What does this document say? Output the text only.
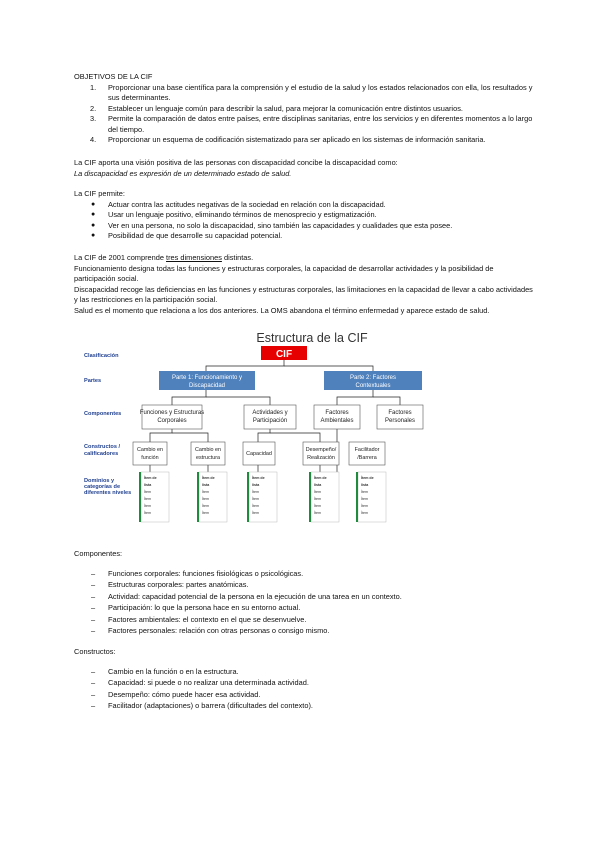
OBJETIVOS DE LA CIF

1. Proporcionar una base científica para la comprensión y el estudio de la salud y los estados relacionados con ella, los resultados y sus determinantes.
2. Establecer un lenguaje común para describir la salud, para mejorar la comunicación entre distintos usuarios.
3. Permite la comparación de datos entre países, entre disciplinas sanitarias, entre los servicios y en diferentes momentos a lo largo del tiempo.
4. Proporcionar un esquema de codificación sistematizado para ser aplicado en los sistemas de información sanitaria.

La CIF aporta una visión positiva de las personas con discapacidad concibe la discapacidad como:

La discapacidad es expresión de un determinado estado de salud.

La CIF permite:

● Actuar contra las actitudes negativas de la sociedad en relación con la discapacidad.
● Usar un lenguaje positivo, eliminando términos de menosprecio y estigmatización.
● Ver en una persona, no solo la discapacidad, sino también las capacidades y cualidades que esta posee.
● Posibilidad de que desarrolle su capacidad potencial.

La CIF de 2001 comprende tres dimensiones distintas.

Funcionamiento designa todas las funciones y estructuras corporales, la capacidad de desarrollar actividades y la posibilidad de participación social.

Discapacidad recoge las deficiencias en las funciones y estructuras corporales, las limitaciones en la capacidad de llevar a cabo actividades y las restricciones en la participación social.

Salud es el momento que relaciona a los dos anteriores. La OMS abandona el término enfermedad y aparece estado de salud.

Estructura de la CIF
Clasificación
Partes
Componentes
Constructos /
calificadores
Dominios y
categorías de
diferentes niveles
CIF
Parte 1: Funcionamiento y
Discapacidad
Parte 2: Factores
Contextuales
Funciones y Estructuras
Corporales
Actividades y
Participación
Factores
Ambientales
Factores
Personales
Cambio en
función
Cambio en
estructura
Capacidad
Desempeño/
Realización
Facilitador
/Barrera
Ítem de
lista
Ítem
Ítem
Ítem
Ítem
Ítem de
lista
Ítem
Ítem
Ítem
Ítem
Ítem de
lista
Ítem
Ítem
Ítem
Ítem
Ítem de
lista
Ítem
Ítem
Ítem
Ítem
Ítem de
lista
Ítem
Ítem
Ítem
Ítem

Componentes:

– Funciones corporales: funciones fisiológicas o psicológicas.
– Estructuras corporales: partes anatómicas.
– Actividad: capacidad potencial de la persona en la ejecución de una tarea en un contexto.
– Participación: lo que la persona hace en su entorno actual.
– Factores ambientales: el contexto en el que se desenvuelve.
– Factores personales: relación con otras personas o consigo mismo.

Constructos:

– Cambio en la función o en la estructura.
– Capacidad: si puede o no realizar una determinada actividad.
– Desempeño: cómo puede hacer esa actividad.
– Facilitador (adaptaciones) o barrera (dificultades del contexto).
